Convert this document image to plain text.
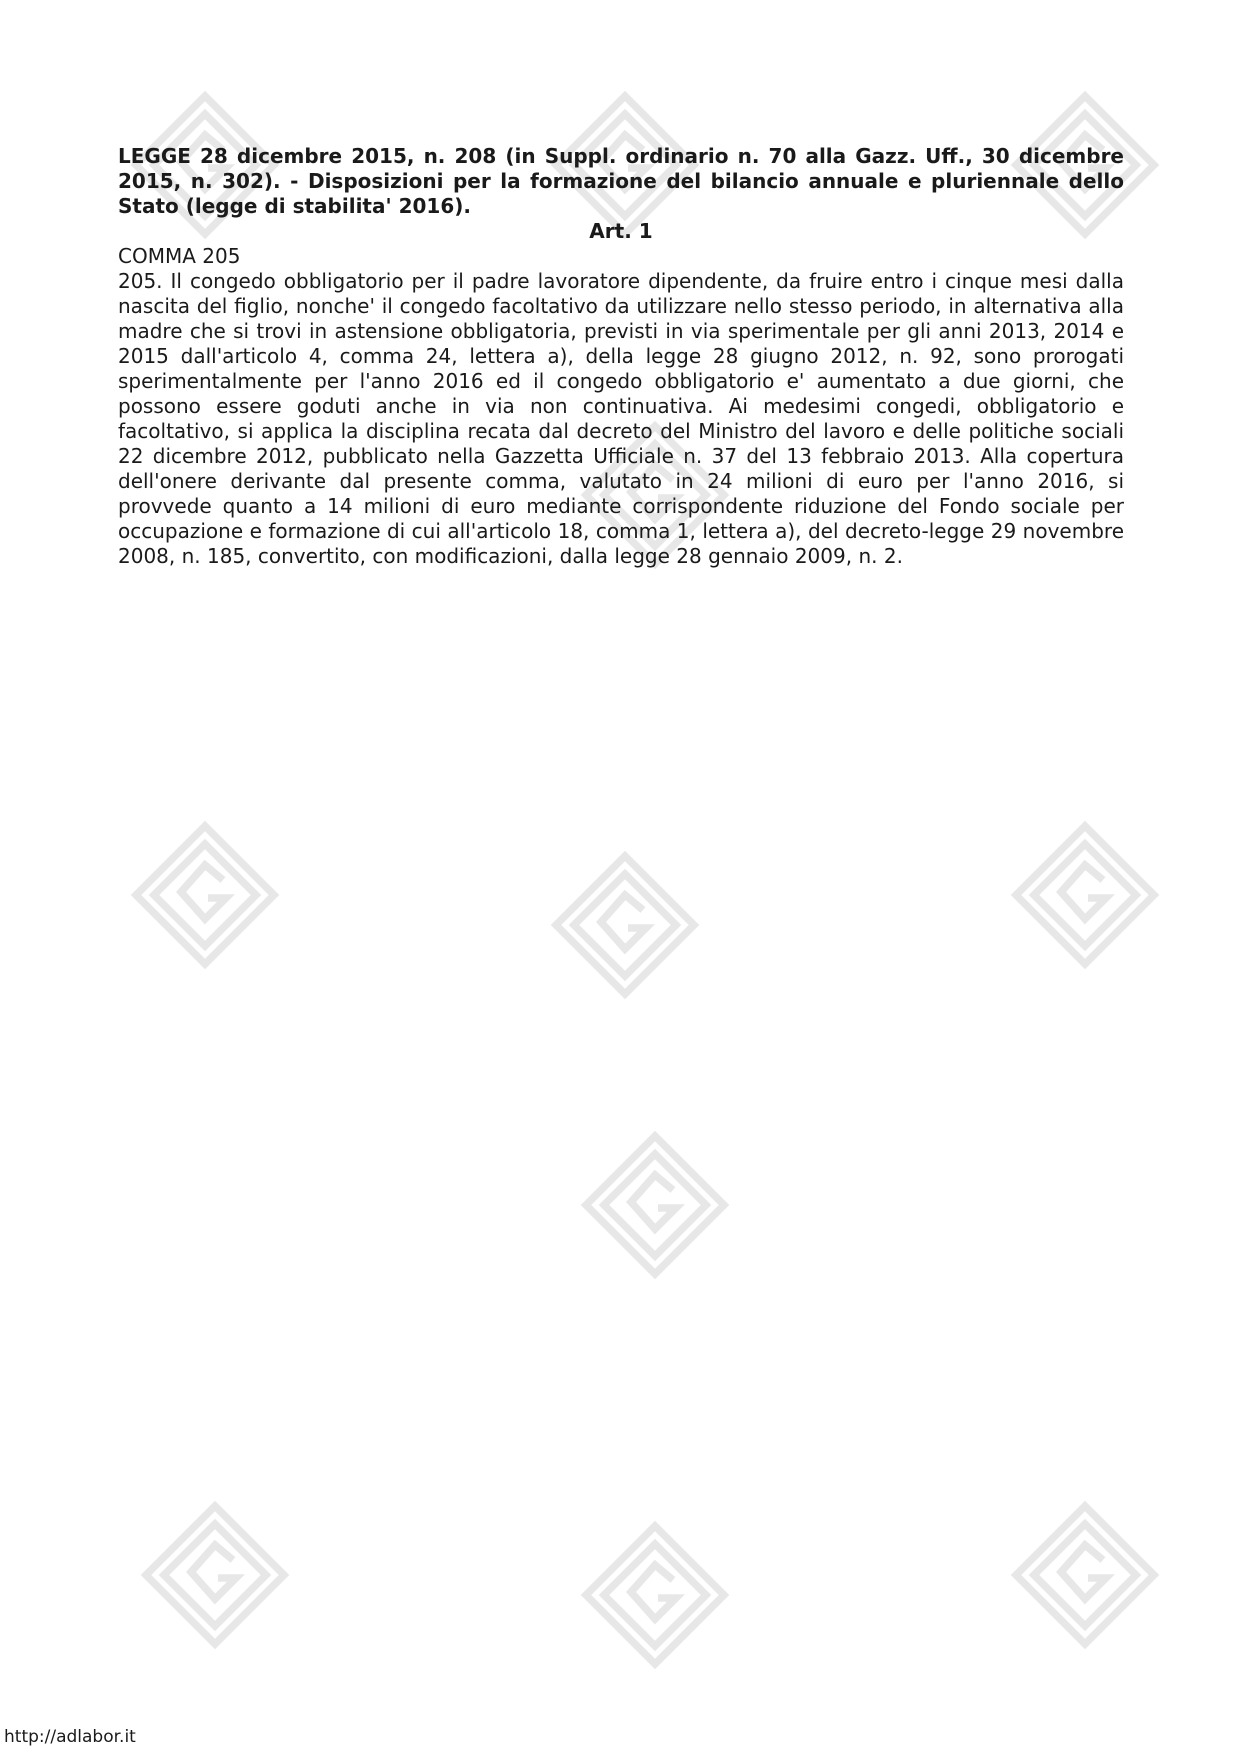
LEGGE 28 dicembre 2015, n. 208 (in Suppl. ordinario n. 70 alla Gazz. Uff., 30 dicembre 2015, n. 302). - Disposizioni per la formazione del bilancio annuale e pluriennale dello Stato (legge di stabilita' 2016).

Art. 1

COMMA 205

205. Il congedo obbligatorio per il padre lavoratore dipendente, da fruire entro i cinque mesi dalla nascita del figlio, nonche' il congedo facoltativo da utilizzare nello stesso periodo, in alternativa alla madre che si trovi in astensione obbligatoria, previsti in via sperimentale per gli anni 2013, 2014 e 2015 dall'articolo 4, comma 24, lettera a), della legge 28 giugno 2012, n. 92, sono prorogati sperimentalmente per l'anno 2016 ed il congedo obbligatorio e' aumentato a due giorni, che possono essere goduti anche in via non continuativa. Ai medesimi congedi, obbligatorio e facoltativo, si applica la disciplina recata dal decreto del Ministro del lavoro e delle politiche sociali 22 dicembre 2012, pubblicato nella Gazzetta Ufficiale n. 37 del 13 febbraio 2013. Alla copertura dell'onere derivante dal presente comma, valutato in 24 milioni di euro per l'anno 2016, si provvede quanto a 14 milioni di euro mediante corrispondente riduzione del Fondo sociale per occupazione e formazione di cui all'articolo 18, comma 1, lettera a), del decreto-legge 29 novembre 2008, n. 185, convertito, con modificazioni, dalla legge 28 gennaio 2009, n. 2.

http://adlabor.it
